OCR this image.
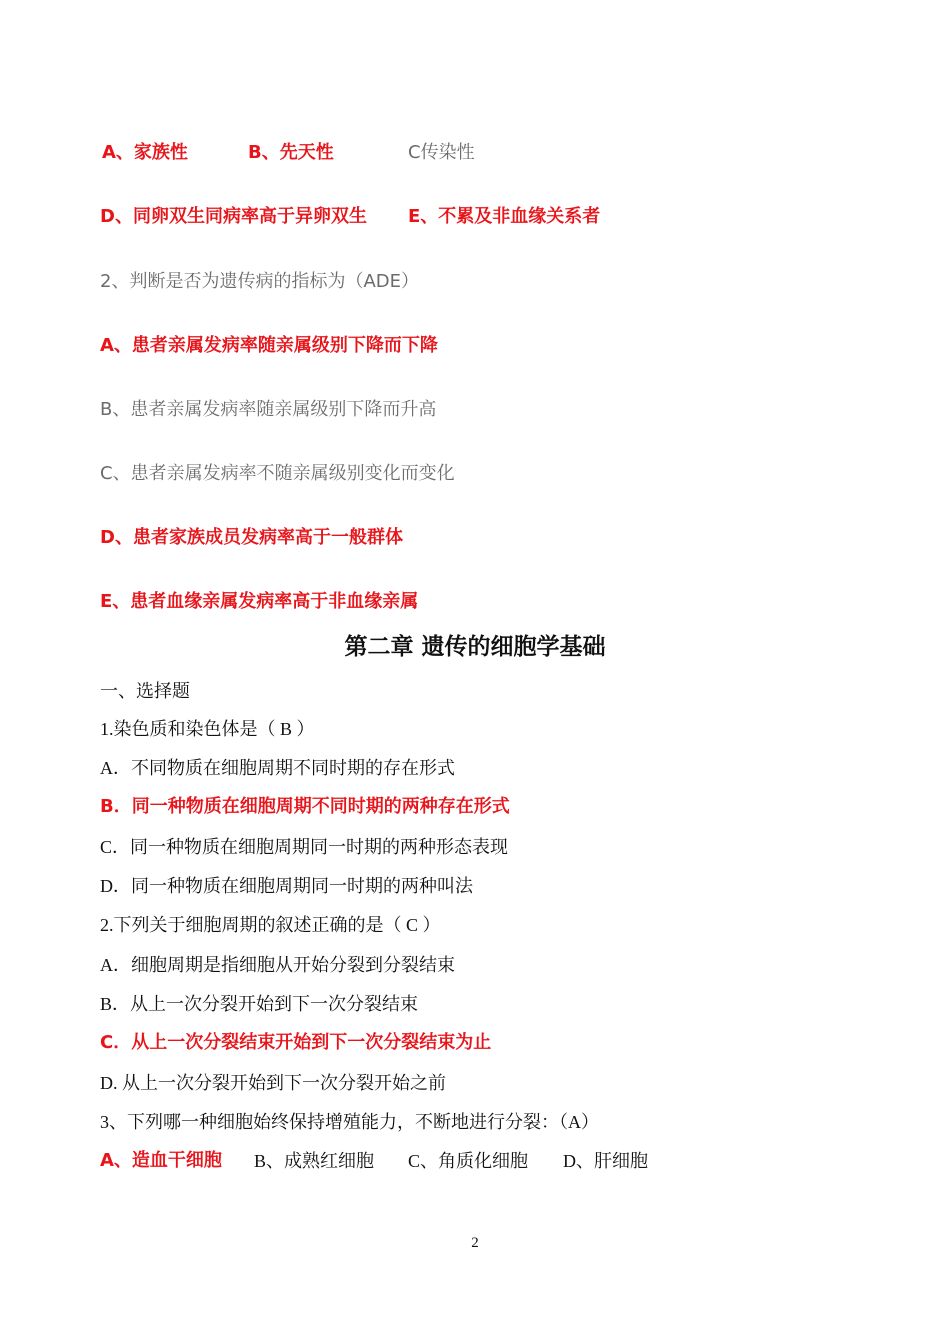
A、家族性

	B、先天性

	C传染性

D、同卵双生同病率高于异卵双生

E、不累及非血缘关系者

2、判断是否为遗传病的指标为（ADE）
A、患者亲属发病率随亲属级别下降而下降
B、患者亲属发病率随亲属级别下降而升高
C、患者亲属发病率不随亲属级别变化而变化
D、患者家族成员发病率高于一般群体
E、患者血缘亲属发病率高于非血缘亲属
第二章 遗传的细胞学基础
一、选择题
1.染色质和染色体是（ B ）
A．不同物质在细胞周期不同时期的存在形式
B．同一种物质在细胞周期不同时期的两种存在形式
C．同一种物质在细胞周期同一时期的两种形态表现
D．同一种物质在细胞周期同一时期的两种叫法
2.下列关于细胞周期的叙述正确的是（ C ）
A．细胞周期是指细胞从开始分裂到分裂结束
B．从上一次分裂开始到下一次分裂结束
C．从上一次分裂结束开始到下一次分裂结束为止
D. 从上一次分裂开始到下一次分裂开始之前
3、下列哪一种细胞始终保持增殖能力，不断地进行分裂：（A）

A、造血干细胞

B、成熟红细胞

C、角质化细胞

D、肝细胞

2
